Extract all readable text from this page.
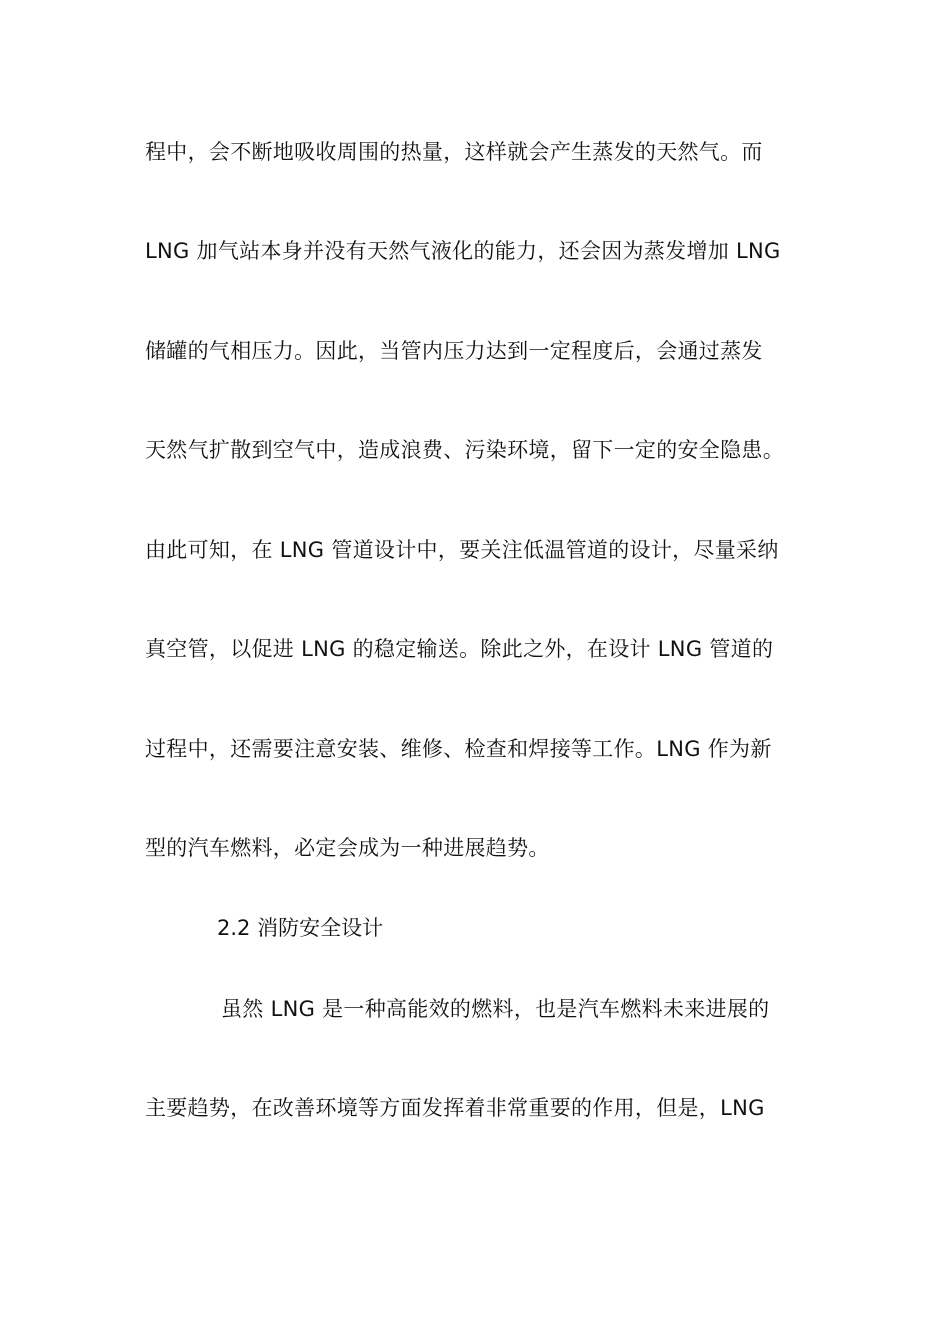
程中，会不断地吸收周围的热量，这样就会产生蒸发的天然气。而
LNG 加气站本身并没有天然气液化的能力，还会因为蒸发增加 LNG
储罐的气相压力。因此，当管内压力达到一定程度后，会通过蒸发
天然气扩散到空气中，造成浪费、污染环境，留下一定的安全隐患。
由此可知，在 LNG 管道设计中，要关注低温管道的设计，尽量采纳
真空管，以促进 LNG 的稳定输送。除此之外，在设计 LNG 管道的
过程中，还需要注意安装、维修、检查和焊接等工作。LNG 作为新
型的汽车燃料，必定会成为一种进展趋势。
2.2 消防安全设计
虽然 LNG 是一种高能效的燃料，也是汽车燃料未来进展的
主要趋势，在改善环境等方面发挥着非常重要的作用，但是，LNG
